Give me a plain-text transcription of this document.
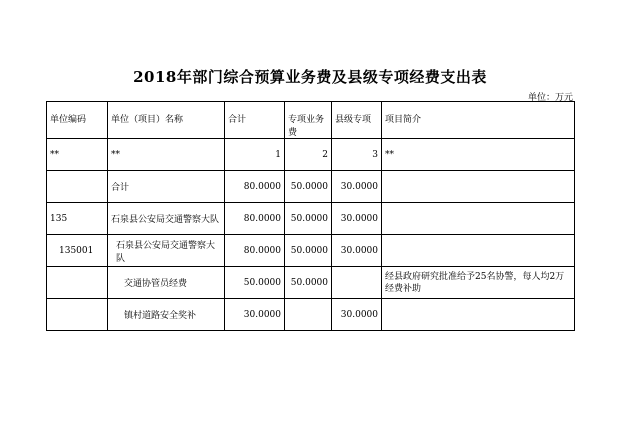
2018年部门综合预算业务费及县级专项经费支出表
单位：万元
单位编码	单位（项目）名称	合计	专项业务费	县级专项	项目简介
**	**	1	2	3	**
	合计	80.0000	50.0000	30.0000	
135	石泉县公安局交通警察大队	80.0000	50.0000	30.0000	
135001	石泉县公安局交通警察大队	80.0000	50.0000	30.0000	
	交通协管员经费	50.0000	50.0000		经县政府研究批准给予25名协警，每人均2万经费补助
	镇村道路安全奖补	30.0000		30.0000	
